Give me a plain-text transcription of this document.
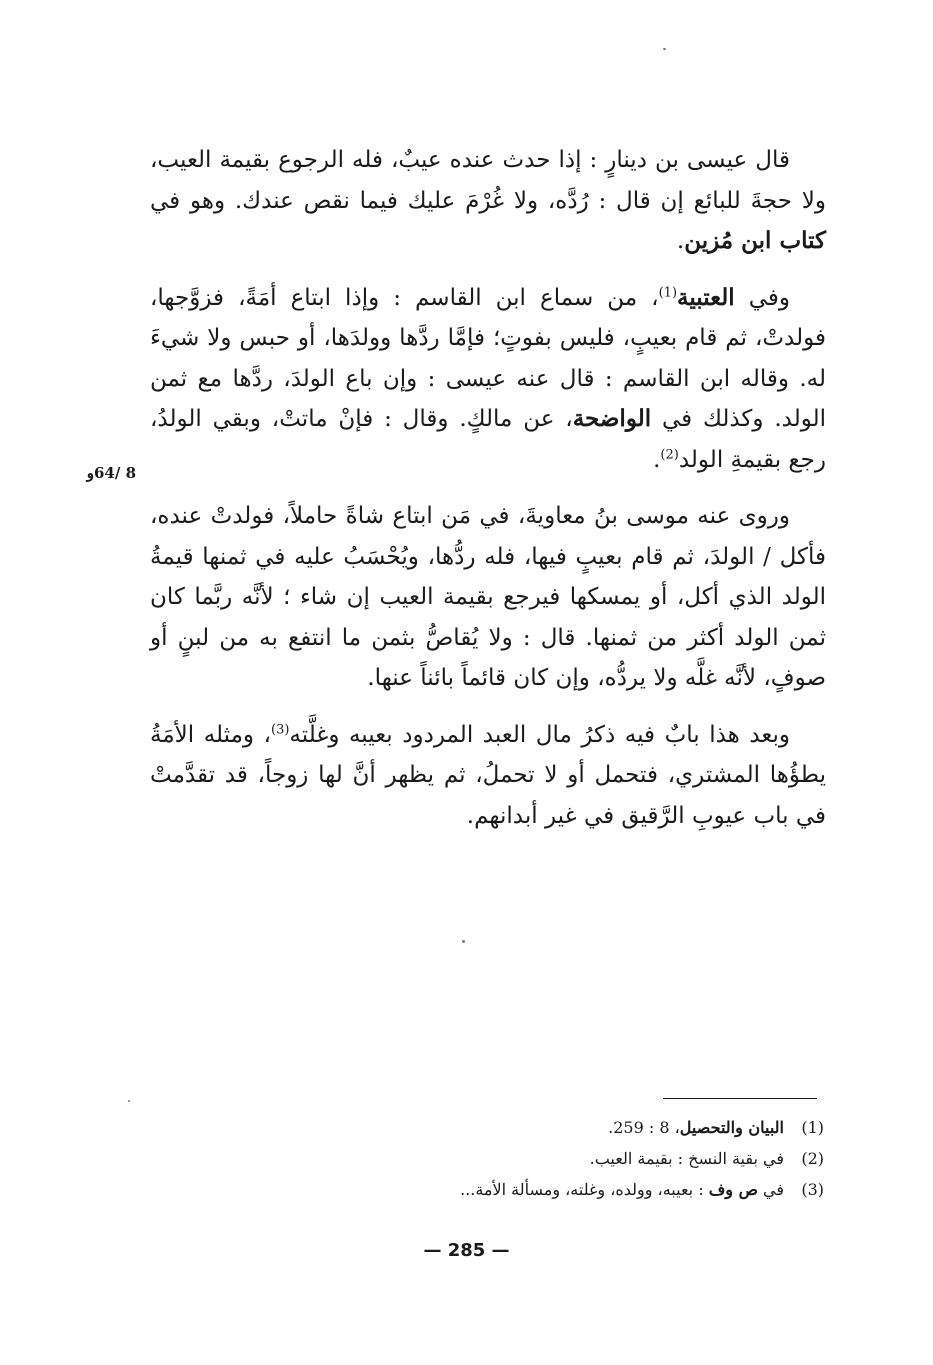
8 /64و

قال عيسى بن دينارٍ : إذا حدث عنده عيبٌ، فله الرجوع بقيمة العيب، ولا حجةَ للبائع إن قال : رُدَّه، ولا غُرْمَ عليك فيما نقص عندك. وهو في كتاب ابن مُزين.

وفي العتبية$^{(1)}$، من سماع ابن القاسم : وإذا ابتاع أمَةً، فزوَّجها، فولدتْ، ثم قام بعيبٍ، فليس بفوتٍ؛ فإمَّا ردَّها وولدَها، أو حبس ولا شيءَ له. وقاله ابن القاسم : قال عنه عيسى : وإن باع الولدَ، ردَّها مع ثمن الولد. وكذلك في الواضحة، عن مالكٍ. وقال : فإنْ ماتتْ، وبقي الولدُ، رجع بقيمةِ الولد$^{(2)}$.

وروى عنه موسى بنُ معاويةَ، في مَن ابتاع شاةً حاملاً، فولدتْ عنده، فأكل / الولدَ، ثم قام بعيبٍ فيها، فله ردُّها، ويُحْسَبُ عليه في ثمنها قيمةُ الولد الذي أكل، أو يمسكها فيرجع بقيمة العيب إن شاء ؛ لأنَّه ربَّما كان ثمن الولد أكثر من ثمنها. قال : ولا يُقاصُّ بثمن ما انتفع به من لبنٍ أو صوفٍ، لأنَّه غلَّه ولا يردُّه، وإن كان قائماً بائناً عنها.

وبعد هذا بابٌ فيه ذكرُ مال العبد المردود بعيبه وغلَّته$^{(3)}$، ومثله الأمَةُ يطؤُها المشتري، فتحمل أو لا تحملُ، ثم يظهر أنَّ لها زوجاً، قد تقدَّمتْ في باب عيوبِ الرَّقيق في غير أبدانهم.

(1)البيان والتحصيل، 8 : 259.
(2)في بقية النسخ : بقيمة العيب.
(3)في ص وف : بعيبه، وولده، وغلته، ومسألة الأمة...
— 285 —
